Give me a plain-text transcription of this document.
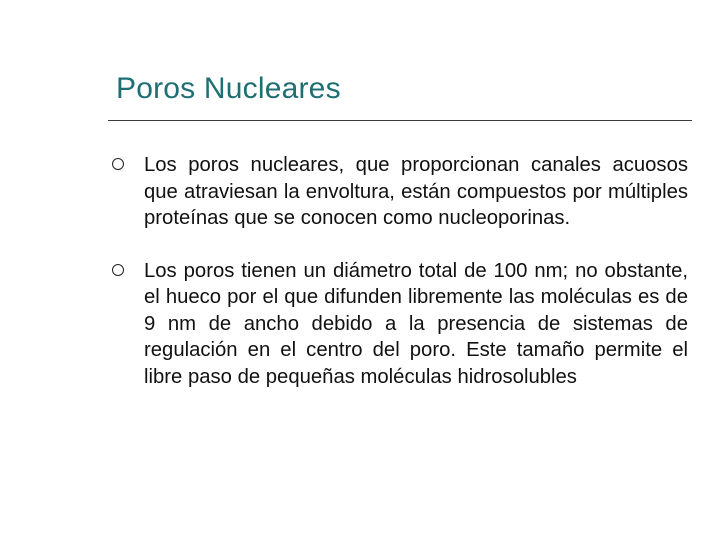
Poros Nucleares
Los poros nucleares, que proporcionan canales acuosos que atraviesan la envoltura, están compuestos por múltiples proteínas que se conocen como nucleoporinas.
Los poros tienen un diámetro total de 100 nm; no obstante, el hueco por el que difunden libremente las moléculas es de 9 nm de ancho debido a la presencia de sistemas de regulación en el centro del poro. Este tamaño permite el libre paso de pequeñas moléculas hidrosolubles
